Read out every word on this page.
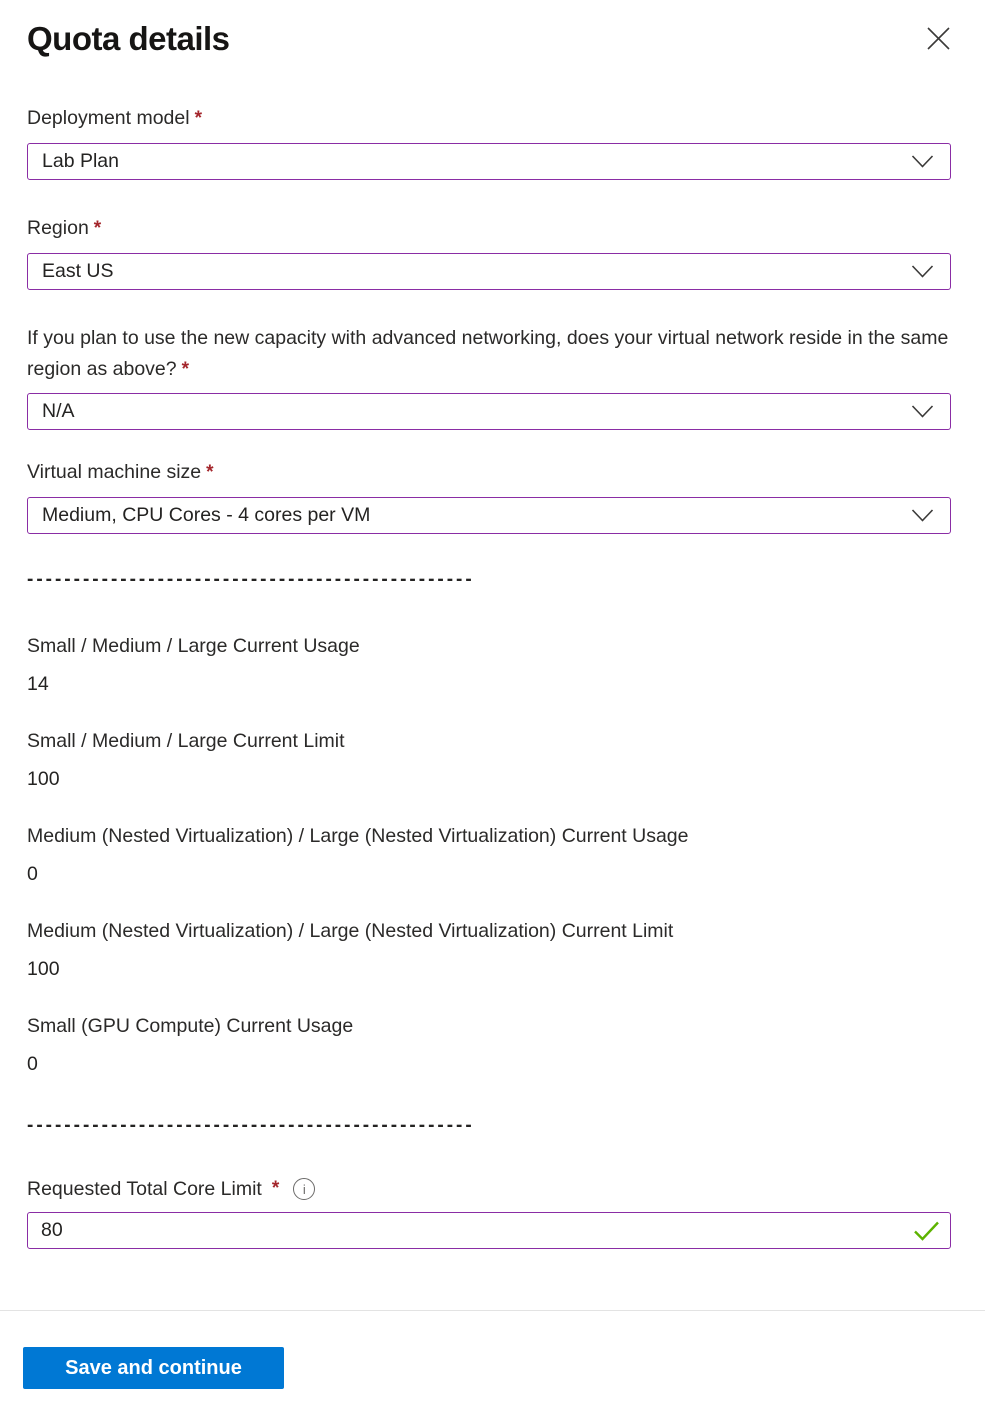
Quota details
Deployment model *
Lab Plan
Region *
East US
If you plan to use the new capacity with advanced networking, does your virtual network reside in the same region as above? *
N/A
Virtual machine size *
Medium, CPU Cores - 4 cores per VM
------------------------------------------------
Small / Medium / Large Current Usage
14
Small / Medium / Large Current Limit
100
Medium (Nested Virtualization) / Large (Nested Virtualization) Current Usage
0
Medium (Nested Virtualization) / Large (Nested Virtualization) Current Limit
100
Small (GPU Compute) Current Usage
0
------------------------------------------------
Requested Total Core Limit * i
80
Save and continue
